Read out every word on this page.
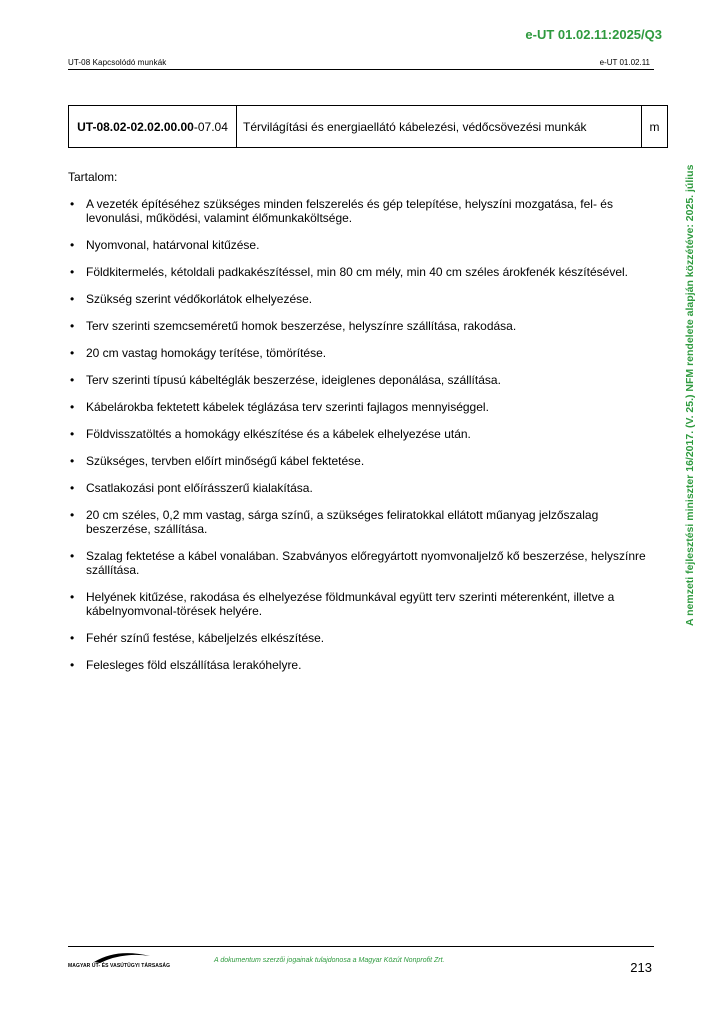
e-UT 01.02.11:2025/Q3
UT-08 Kapcsolódó munkák	e-UT 01.02.11
UT-08.02-02.02.00.00-07.04	Térvilágítási és energiaellátó kábelezési, védőcsövezési munkák	m
Tartalom:
• A vezeték építéséhez szükséges minden felszerelés és gép telepítése, helyszíni mozgatása, fel- és levonulási, működési, valamint élőmunkaköltsége.
• Nyomvonal, határvonal kitűzése.
• Földkitermelés, kétoldali padkakészítéssel, min 80 cm mély, min 40 cm széles árokfenék készítésével.
• Szükség szerint védőkorlátok elhelyezése.
• Terv szerinti szemcseméretű homok beszerzése, helyszínre szállítása, rakodása.
• 20 cm vastag homokágy terítése, tömörítése.
• Terv szerinti típusú kábeltéglák beszerzése, ideiglenes deponálása, szállítása.
• Kábelárokba fektetett kábelek téglázása terv szerinti fajlagos mennyiséggel.
• Földvisszatöltés a homokágy elkészítése és a kábelek elhelyezése után.
• Szükséges, tervben előírt minőségű kábel fektetése.
• Csatlakozási pont előírásszerű kialakítása.
• 20 cm széles, 0,2 mm vastag, sárga színű, a szükséges feliratokkal ellátott műanyag jelzőszalag beszerzése, szállítása.
• Szalag fektetése a kábel vonalában. Szabványos előregyártott nyomvonaljelző kő beszerzése, helyszínre szállítása.
• Helyének kitűzése, rakodása és elhelyezése földmunkával együtt terv szerinti méterenként, illetve a kábelnyomvonal-törések helyére.
• Fehér színű festése, kábeljelzés elkészítése.
• Felesleges föld elszállítása lerakóhelyre.
A nemzeti fejlesztési miniszter 16/2017. (V. 25.) NFM rendelete alapján közzétéve: 2025. július
MAGYAR ÚT- ÉS VASÚTÜGYI TÁRSASÁG
A dokumentum szerzői jogainak tulajdonosa a Magyar Közút Nonprofit Zrt.	213
